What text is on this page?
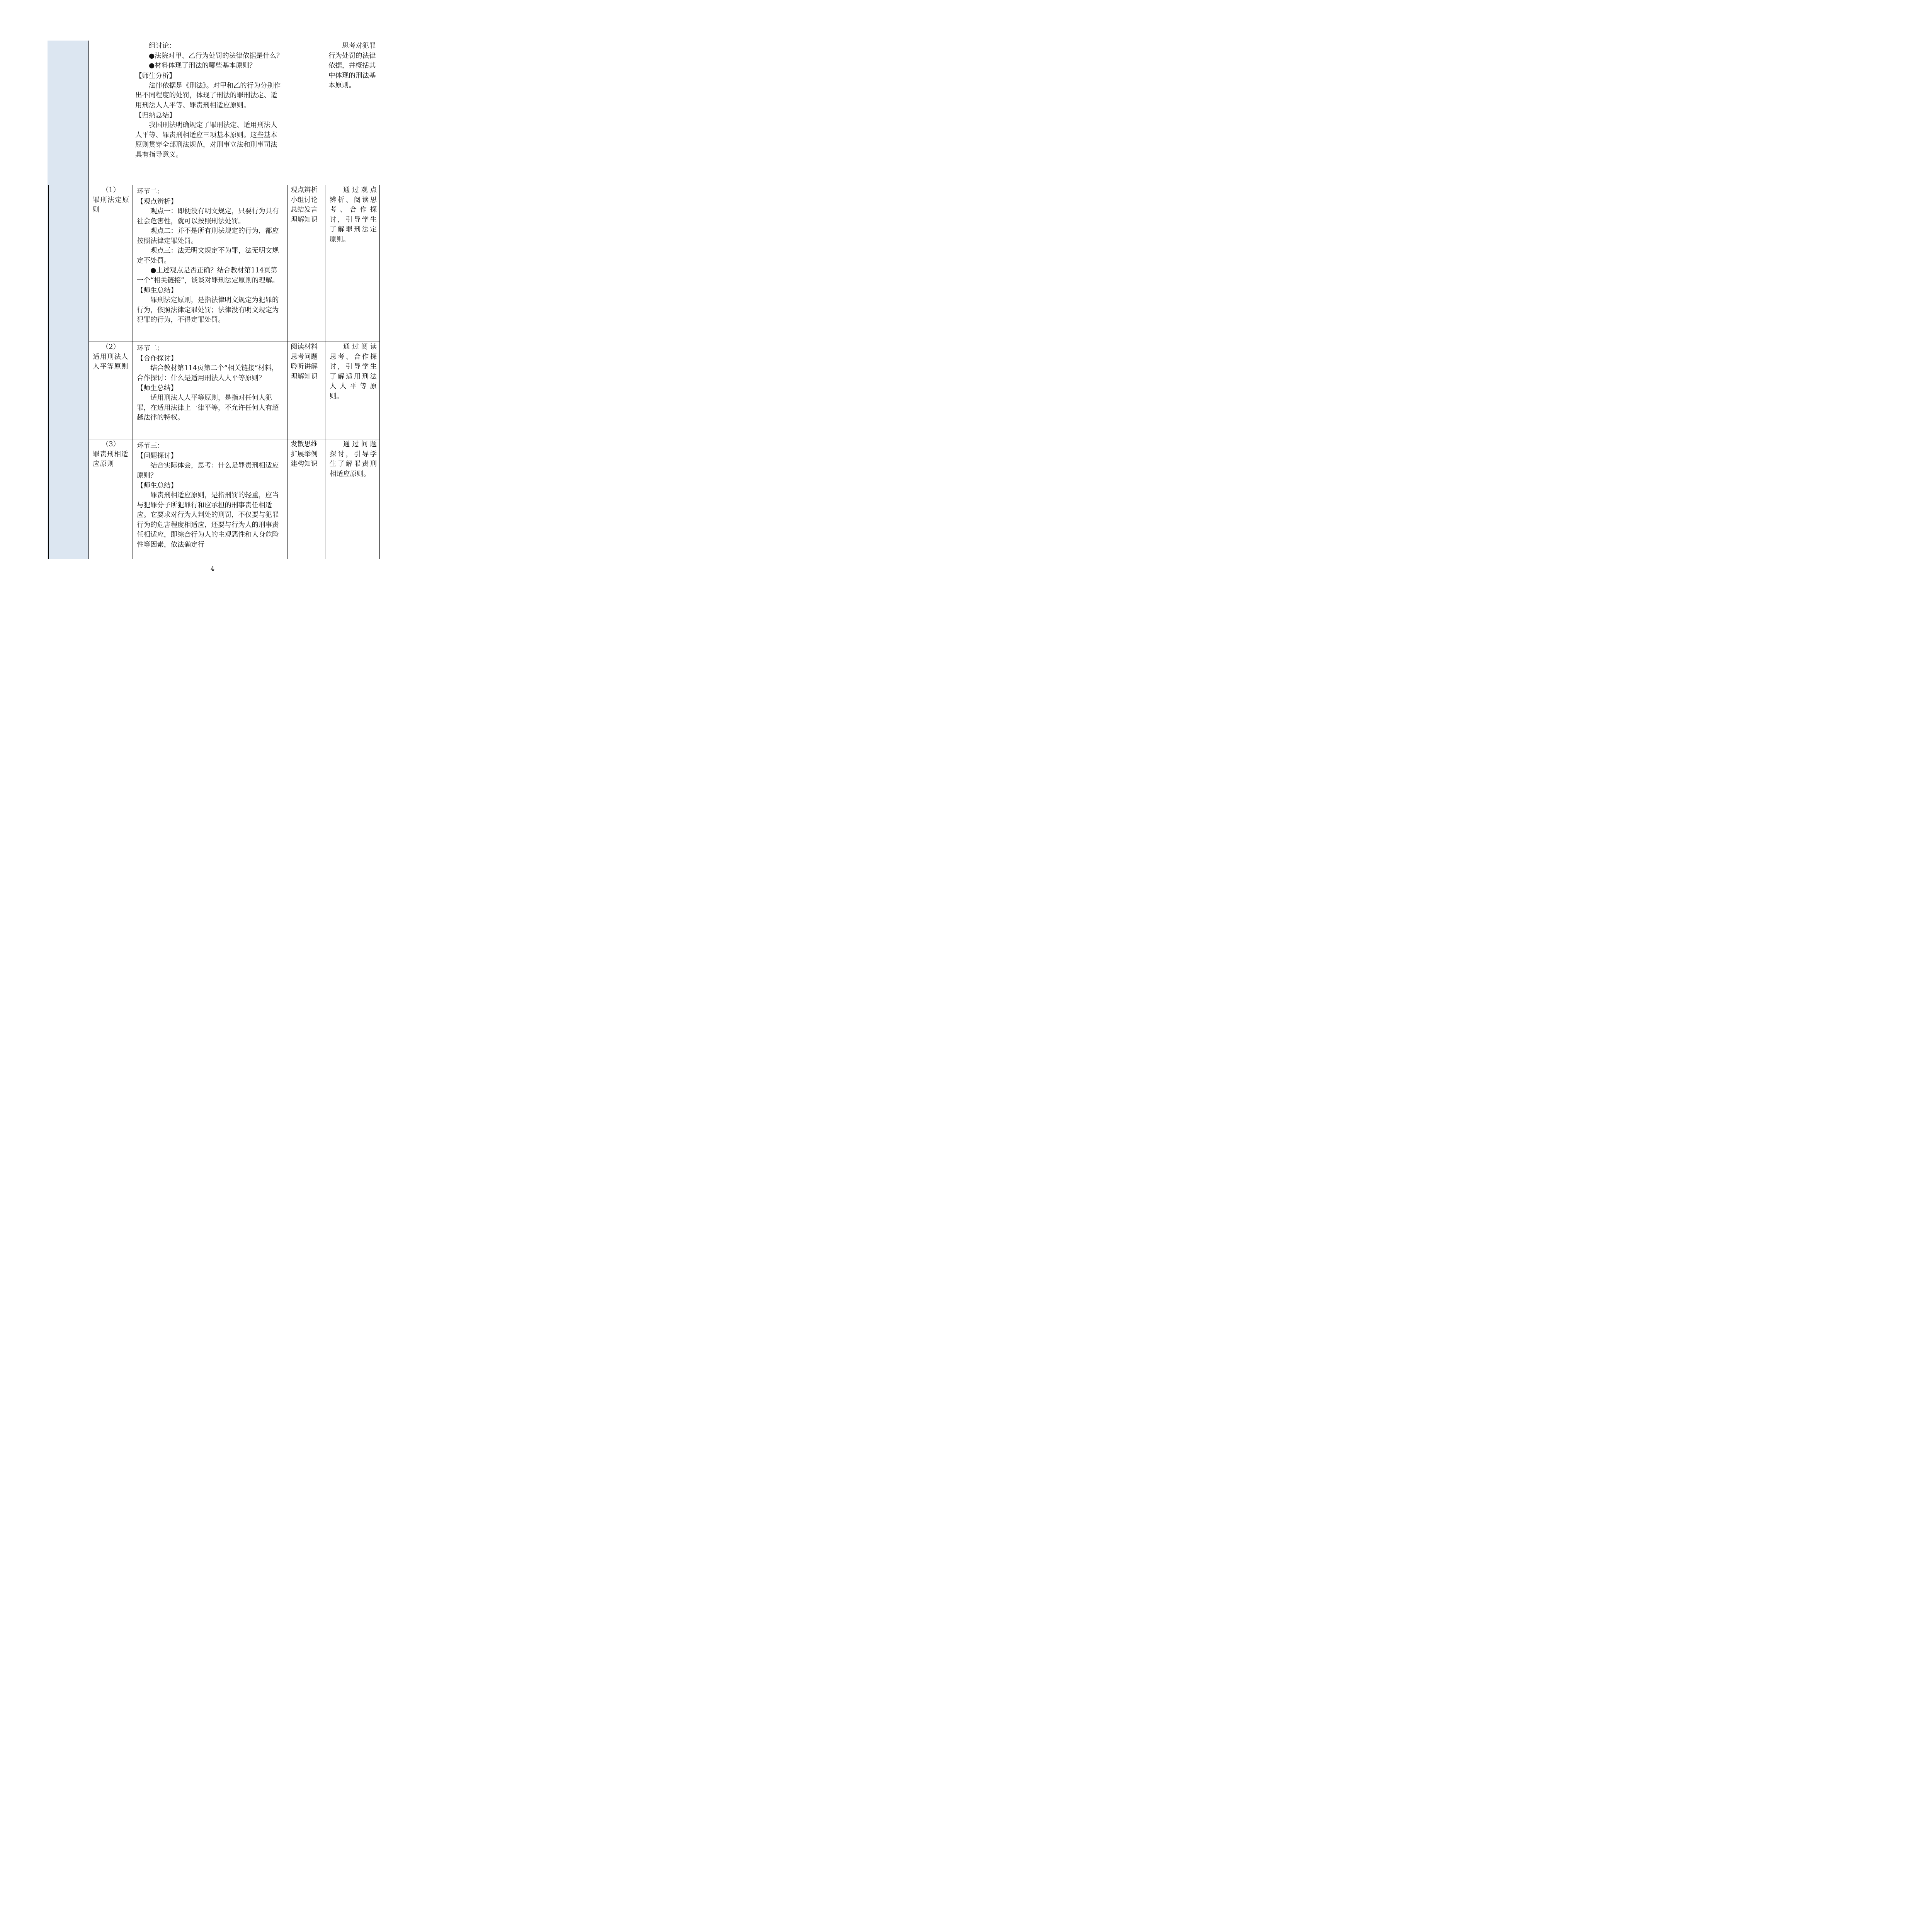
组讨论：

●法院对甲、乙行为处罚的法律依据是什么？

●材料体现了刑法的哪些基本原则？

【师生分析】

法律依据是《刑法》。对甲和乙的行为分别作出不同程度的处罚，体现了刑法的罪刑法定、适用刑法人人平等、罪责刑相适应原则。

【归纳总结】

我国刑法明确规定了罪刑法定、适用刑法人人平等、罪责刑相适应三项基本原则。这些基本原则贯穿全部刑法规范，对刑事立法和刑事司法具有指导意义。

思考对犯罪行为处罚的法律依据，并概括其中体现的刑法基本原则。

（1）

罪刑法定原则

环节二：

【观点辨析】

观点一：即便没有明文规定，只要行为具有社会危害性，就可以按照刑法处罚。

观点二：并不是所有刑法规定的行为，都应按照法律定罪处罚。

观点三：法无明文规定不为罪，法无明文规定不处罚。

●上述观点是否正确？结合教材第114页第一个“相关链接”，谈谈对罪刑法定原则的理解。

【师生总结】

罪刑法定原则，是指法律明文规定为犯罪的行为，依照法律定罪处罚；法律没有明文规定为犯罪的行为，不得定罪处罚。

观点辨析

小组讨论

总结发言

理解知识

通过观点辨析、阅读思考、合作探讨，引导学生了解罪刑法定原则。

（2）

适用刑法人人平等原则

环节二：

【合作探讨】

结合教材第114页第二个“相关链接”材料，合作探讨：什么是适用刑法人人平等原则？

【师生总结】

适用刑法人人平等原则，是指对任何人犯罪，在适用法律上一律平等，不允许任何人有超越法律的特权。

阅读材料

思考问题

聆听讲解

理解知识

通过阅读思考、合作探讨，引导学生了解适用刑法人人平等原则。

（3）

罪责刑相适应原则

环节三：

【问题探讨】

结合实际体会，思考：什么是罪责刑相适应原则？

【师生总结】

罪责刑相适应原则，是指刑罚的轻重，应当与犯罪分子所犯罪行和应承担的刑事责任相适应。它要求对行为人判处的刑罚，不仅要与犯罪行为的危害程度相适应，还要与行为人的刑事责任相适应，即综合行为人的主观恶性和人身危险性等因素，依法确定行

发散思维

扩展举例

建构知识

通过问题探讨，引导学生了解罪责刑相适应原则。

4
